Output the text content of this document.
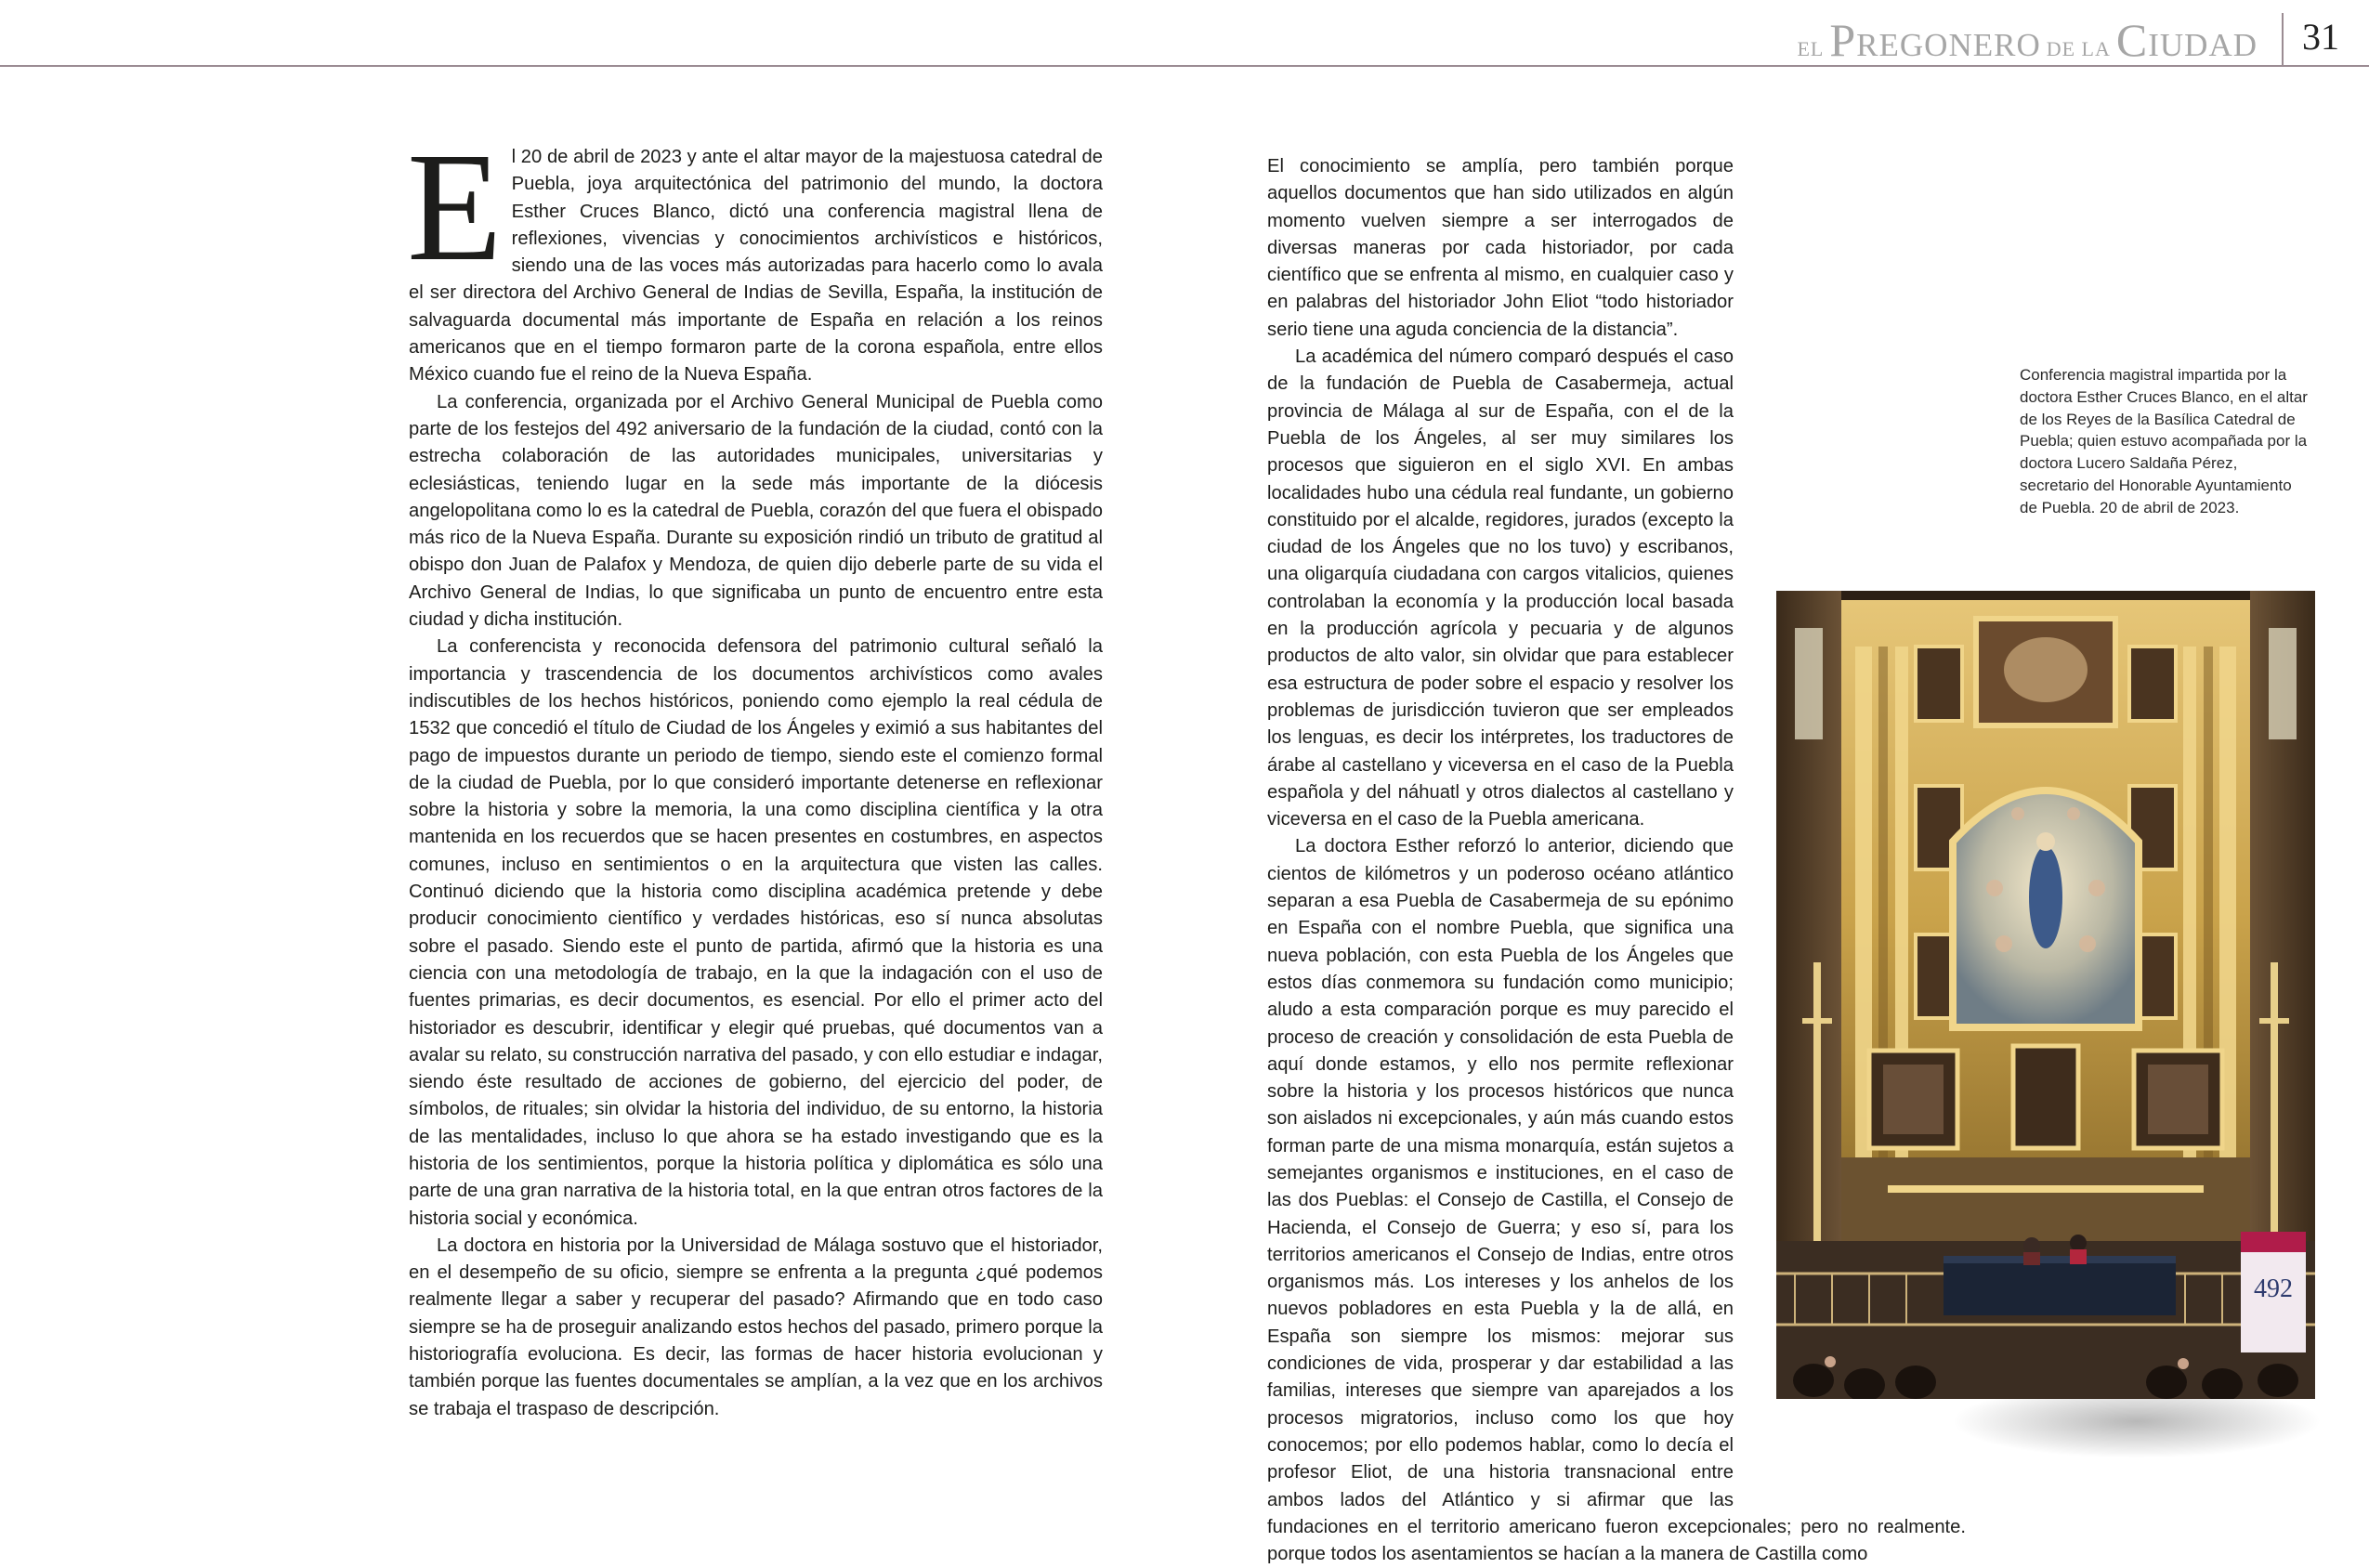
EL Pregonero DE LA Ciudad 31

El 20 de abril de 2023 y ante el altar mayor de la majestuosa catedral de Puebla, joya arquitectónica del patrimonio del mundo, la doctora Esther Cruces Blanco, dictó una conferencia magistral llena de reflexiones, vivencias y conocimientos archivísticos e históricos, siendo una de las voces más autorizadas para hacerlo como lo avala el ser directora del Archivo General de Indias de Sevilla, España, la institución de salvaguarda documental más importante de España en relación a los reinos americanos que en el tiempo formaron parte de la corona española, entre ellos México cuando fue el reino de la Nueva España.

La conferencia, organizada por el Archivo General Municipal de Puebla como parte de los festejos del 492 aniversario de la fundación de la ciudad, contó con la estrecha colaboración de las autoridades municipales, universitarias y eclesiásticas, teniendo lugar en la sede más importante de la diócesis angelopolitana como lo es la catedral de Puebla, corazón del que fuera el obispado más rico de la Nueva España. Durante su exposición rindió un tributo de gratitud al obispo don Juan de Palafox y Mendoza, de quien dijo deberle parte de su vida el Archivo General de Indias, lo que significaba un punto de encuentro entre esta ciudad y dicha institución.

La conferencista y reconocida defensora del patrimonio cultural señaló la importancia y trascendencia de los documentos archivísticos como avales indiscutibles de los hechos históricos, poniendo como ejemplo la real cédula de 1532 que concedió el título de Ciudad de los Ángeles y eximió a sus habitantes del pago de impuestos durante un periodo de tiempo, siendo este el comienzo formal de la ciudad de Puebla, por lo que consideró importante detenerse en reflexionar sobre la historia y sobre la memoria, la una como disciplina científica y la otra mantenida en los recuerdos que se hacen presentes en costumbres, en aspectos comunes, incluso en sentimientos o en la arquitectura que visten las calles. Continuó diciendo que la historia como disciplina académica pretende y debe producir conocimiento científico y verdades históricas, eso sí nunca absolutas sobre el pasado. Siendo este el punto de partida, afirmó que la historia es una ciencia con una metodología de trabajo, en la que la indagación con el uso de fuentes primarias, es decir documentos, es esencial. Por ello el primer acto del historiador es descubrir, identificar y elegir qué pruebas, qué documentos van a avalar su relato, su construcción narrativa del pasado, y con ello estudiar e indagar, siendo éste resultado de acciones de gobierno, del ejercicio del poder, de símbolos, de rituales; sin olvidar la historia del individuo, de su entorno, la historia de las mentalidades, incluso lo que ahora se ha estado investigando que es la historia de los sentimientos, porque la historia política y diplomática es sólo una parte de una gran narrativa de la historia total, en la que entran otros factores de la historia social y económica.

La doctora en historia por la Universidad de Málaga sostuvo que el historiador, en el desempeño de su oficio, siempre se enfrenta a la pregunta ¿qué podemos realmente llegar a saber y recuperar del pasado? Afirmando que en todo caso siempre se ha de proseguir analizando estos hechos del pasado, primero porque la historiografía evoluciona. Es decir, las formas de hacer historia evolucionan y también porque las fuentes documentales se amplían, a la vez que en los archivos se trabaja el traspaso de descripción.

El conocimiento se amplía, pero también porque aquellos documentos que han sido utilizados en algún momento vuelven siempre a ser interrogados de diversas maneras por cada historiador, por cada científico que se enfrenta al mismo, en cualquier caso y en palabras del historiador John Eliot “todo historiador serio tiene una aguda conciencia de la distancia”.

La académica del número comparó después el caso de la fundación de Puebla de Casabermeja, actual provincia de Málaga al sur de España, con el de la Puebla de los Ángeles, al ser muy similares los procesos que siguieron en el siglo XVI. En ambas localidades hubo una cédula real fundante, un gobierno constituido por el alcalde, regidores, jurados (excepto la ciudad de los Ángeles que no los tuvo) y escribanos, una oligarquía ciudadana con cargos vitalicios, quienes controlaban la economía y la producción local basada en la producción agrícola y pecuaria y de algunos productos de alto valor, sin olvidar que para establecer esa estructura de poder sobre el espacio y resolver los problemas de jurisdicción tuvieron que ser empleados los lenguas, es decir los intérpretes, los traductores de árabe al castellano y viceversa en el caso de la Puebla española y del náhuatl y otros dialectos al castellano y viceversa en el caso de la Puebla americana.

La doctora Esther reforzó lo anterior, diciendo que cientos de kilómetros y un poderoso océano atlántico separan a esa Puebla de Casabermeja de su epónimo en España con el nombre Puebla, que significa una nueva población, con esta Puebla de los Ángeles que estos días conmemora su fundación como municipio; aludo a esta comparación porque es muy parecido el proceso de creación y consolidación de esta Puebla de aquí donde estamos, y ello nos permite reflexionar sobre la historia y los procesos históricos que nunca son aislados ni excepcionales, y aún más cuando estos forman parte de una misma monarquía, están sujetos a semejantes organismos e instituciones, en el caso de las dos Pueblas: el Consejo de Castilla, el Consejo de Hacienda, el Consejo de Guerra; y eso sí, para los territorios americanos el Consejo de Indias, entre otros organismos más. Los intereses y los anhelos de los nuevos pobladores en esta Puebla y la de allá, en España son siempre los mismos: mejorar sus condiciones de vida, prosperar y dar estabilidad a las familias, intereses que siempre van aparejados a los procesos migratorios, incluso como los que hoy conocemos; por ello podemos hablar, como lo decía el profesor Eliot, de una historia transnacional entre ambos lados del Atlántico y si afirmar que las fundaciones en el territorio americano fueron excepcionales; pero no realmente. porque todos los asentamientos se hacían a la manera de Castilla como

Conferencia magistral impartida por la doctora Esther Cruces Blanco, en el altar de los Reyes de la Basílica Catedral de Puebla; quien estuvo acompañada por la doctora Lucero Saldaña Pérez, secretario del Honorable Ayuntamiento de Puebla. 20 de abril de 2023.
492
